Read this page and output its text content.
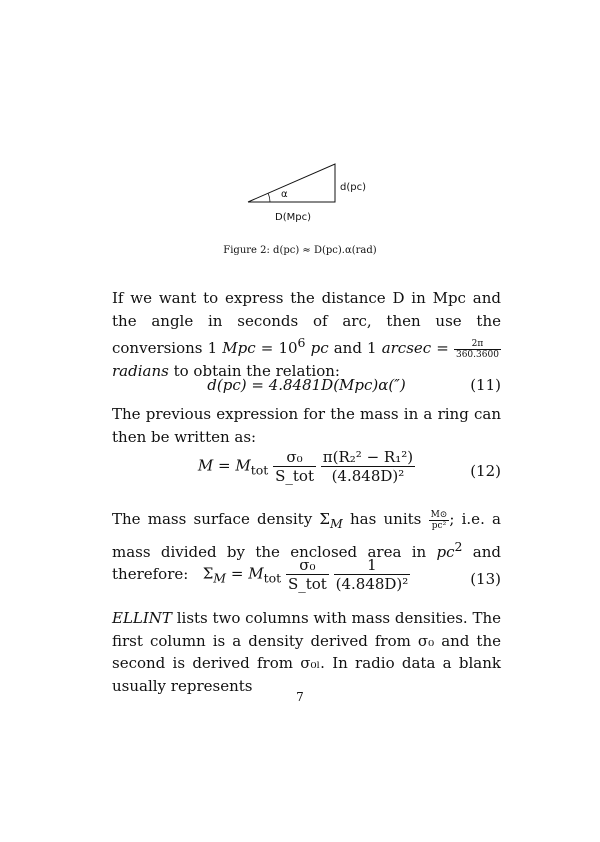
α
d(pc)
D(Mpc)
Figure 2: d(pc) ≈ D(pc).α(rad)
If we want to express the distance D in Mpc and the angle in seconds of arc, then use the conversions 1 Mpc = $10^6$ pc and 1 $arcsec = \frac{2\pi}{360.3600}$
radians to obtain the relation:
d(pc) = 4.8481D(Mpc)α(″)	(11)
The previous expression for the mass in a ring can then be written as:
$M = M_{tot} \frac{\text{σ₀}}{\text{S\_tot}}$
$\frac{\text{π(R₂² − R₁²)}}{\text{(4.848D)²}}$	(12)
The mass surface density $\Sigma_M$ has units $\frac{M⊙}{\text{pc²}}$ ; i.e. a mass divided by the enclosed area in $pc^2$ and therefore: $\Sigma_M = M_{tot} \frac{\text{σ₀}}{\text{S\_tot}}$
$\frac{1}{\text{(4.848D)²}}$	(13)
ELLINT lists two columns with mass densities. The first column is a density derived from σ₀ and the second is derived from σ₀ₗ. In radio data a blank usually represents
7
